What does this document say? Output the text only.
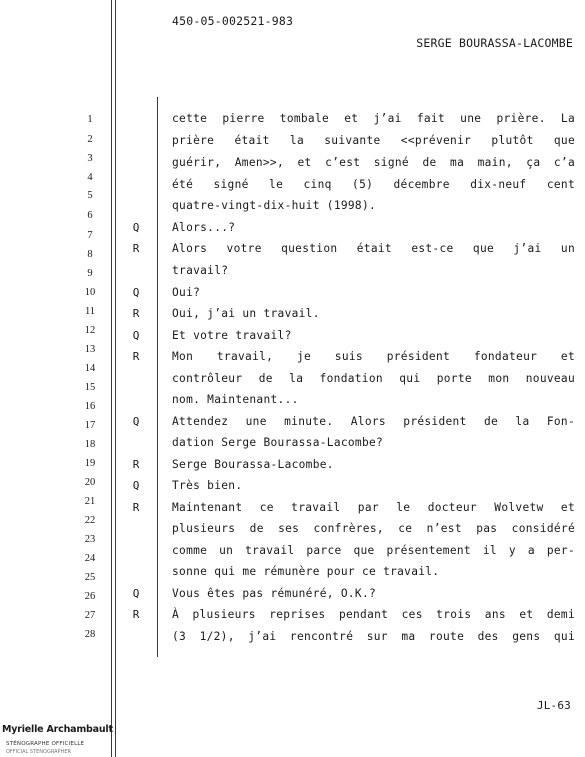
450-05-002521-983
SERGE BOURASSA-LACOMBE
1
2
3
4
5
6
7
8
9
10
11
12
13
14
15
16
17
18
19
20
21
22
23
24
25
26
27
28
cette pierre tombale et j’ai fait une prière. La
prière était la suivante <<prévenir plutôt que
guérir, Amen>>, et c’est signé de ma main, ça c’a
été signé le cinq (5) décembre dix-neuf cent
quatre-vingt-dix-huit (1998).
Q	Alors...?
R	Alors votre question était est-ce que j’ai un
travail?
Q	Oui?
R	Oui, j’ai un travail.
Q	Et votre travail?
R	Mon travail, je suis président fondateur et
contrôleur de la fondation qui porte mon nouveau
nom. Maintenant...
Q	Attendez une minute. Alors président de la Fon-
dation Serge Bourassa-Lacombe?
R	Serge Bourassa-Lacombe.
Q	Très bien.
R	Maintenant ce travail par le docteur Wolvetw et
plusieurs de ses confrères, ce n’est pas considéré
comme un travail parce que présentement il y a per-
sonne qui me rémunère pour ce travail.
Q	Vous êtes pas rémunéré, O.K.?
R	À plusieurs reprises pendant ces trois ans et demi
(3 1/2), j’ai rencontré sur ma route des gens qui
JL-63
Myrielle Archambault
STÉNOGRAPHE OFFICIELLE
OFFICIAL STENOGRAPHER
